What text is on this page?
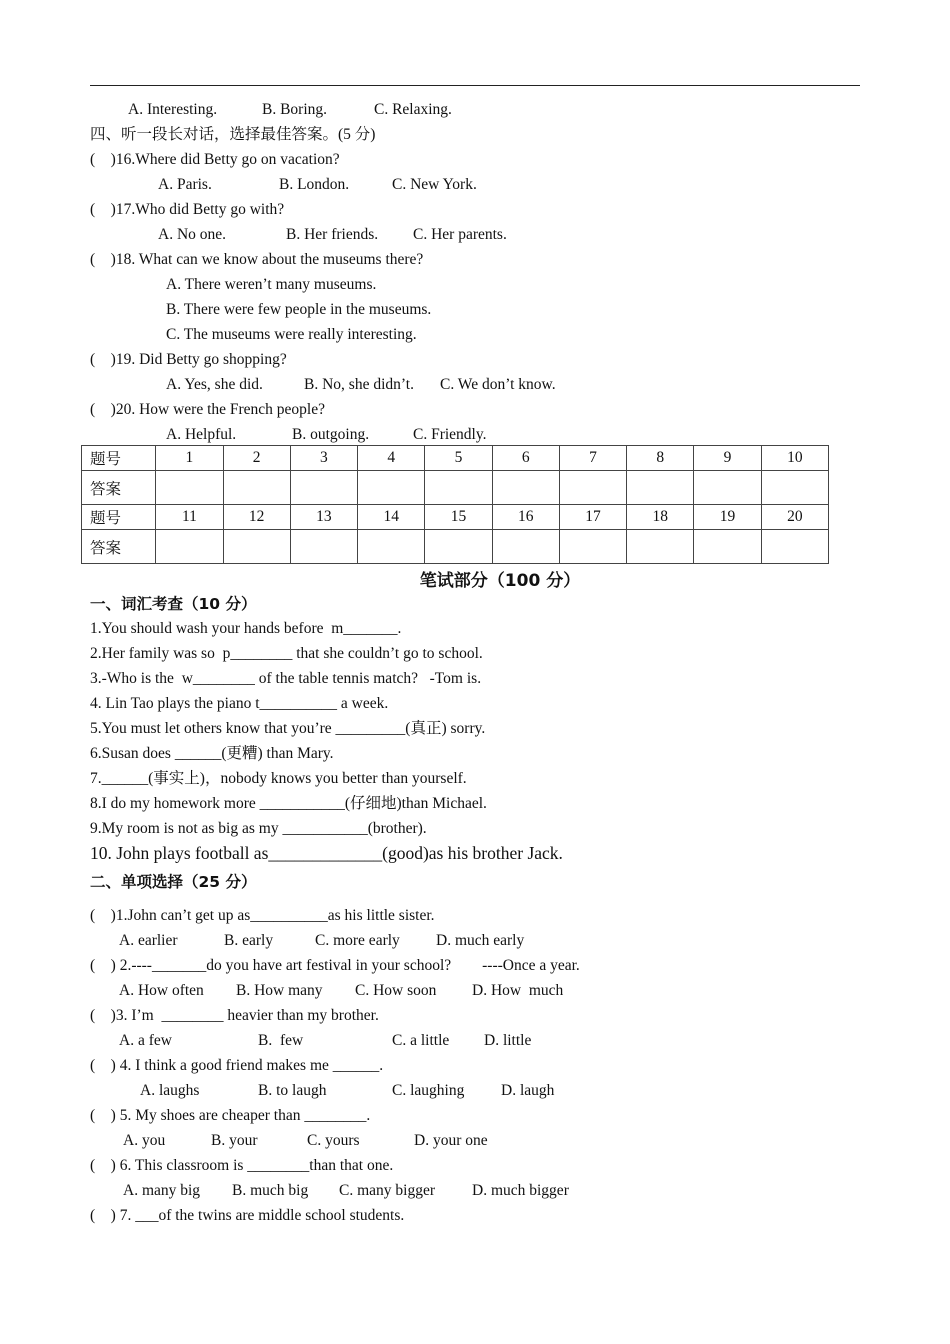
A. Interesting.	B. Boring.	C. Relaxing.
四、听一段长对话，选择最佳答案。(5 分)
(    )16.Where did Betty go on vacation?
A. Paris.	B. London.	C. New York.
(    )17.Who did Betty go with?
A. No one.	B. Her friends. C. Her parents.
(    )18. What can we know about the museums there?
A. There weren’t many museums.
B. There were few people in the museums.
C. The museums were really interesting.
(    )19. Did Betty go shopping?
A. Yes, she did.	B. No, she didn’t. C. We don’t know.
(    )20. How were the French people?
A. Helpful.	B. outgoing.	C. Friendly.
题号	1	2	3	4	5	6	7	8	9	10
答案										
题号	11	12	13	14	15	16	17	18	19	20
答案										
笔试部分（100 分）
一、词汇考查（10 分）
1.You should wash your hands before  m_______.
2.Her family was so  p________ that she couldn’t go to school.
3.-Who is the  w________ of the table tennis match?   -Tom is.
4. Lin Tao plays the piano t__________ a week.
5.You must let others know that you’re _________(真正) sorry.
6.Susan does ______(更糟) than Mary.
7.______(事实上)，nobody knows you better than yourself.
8.I do my homework more ___________(仔细地)than Michael.
9.My room is not as big as my ___________(brother).
10. John plays football as_____________(good)as his brother Jack.
二、单项选择（25 分）
(    )1.John can’t get up as__________as his little sister.
A. earlier	B. early	C. more early D. much early
(    ) 2.----_______do you have art festival in your school?        ----Once a year.
A. How often B. How many C. How soon D. How  much
(    )3. I’m  ________ heavier than my brother.
A. a few	B.  few	C. a little D. little
(    ) 4. I think a good friend makes me ______.
A. laughs	B. to laugh	C. laughing D. laugh
(    ) 5. My shoes are cheaper than ________.
A. you	B. your	C. yours	D. your one
(    ) 6. This classroom is ________than that one.
A. many big B. much big C. many bigger D. much bigger
(    ) 7. ___of the twins are middle school students.
